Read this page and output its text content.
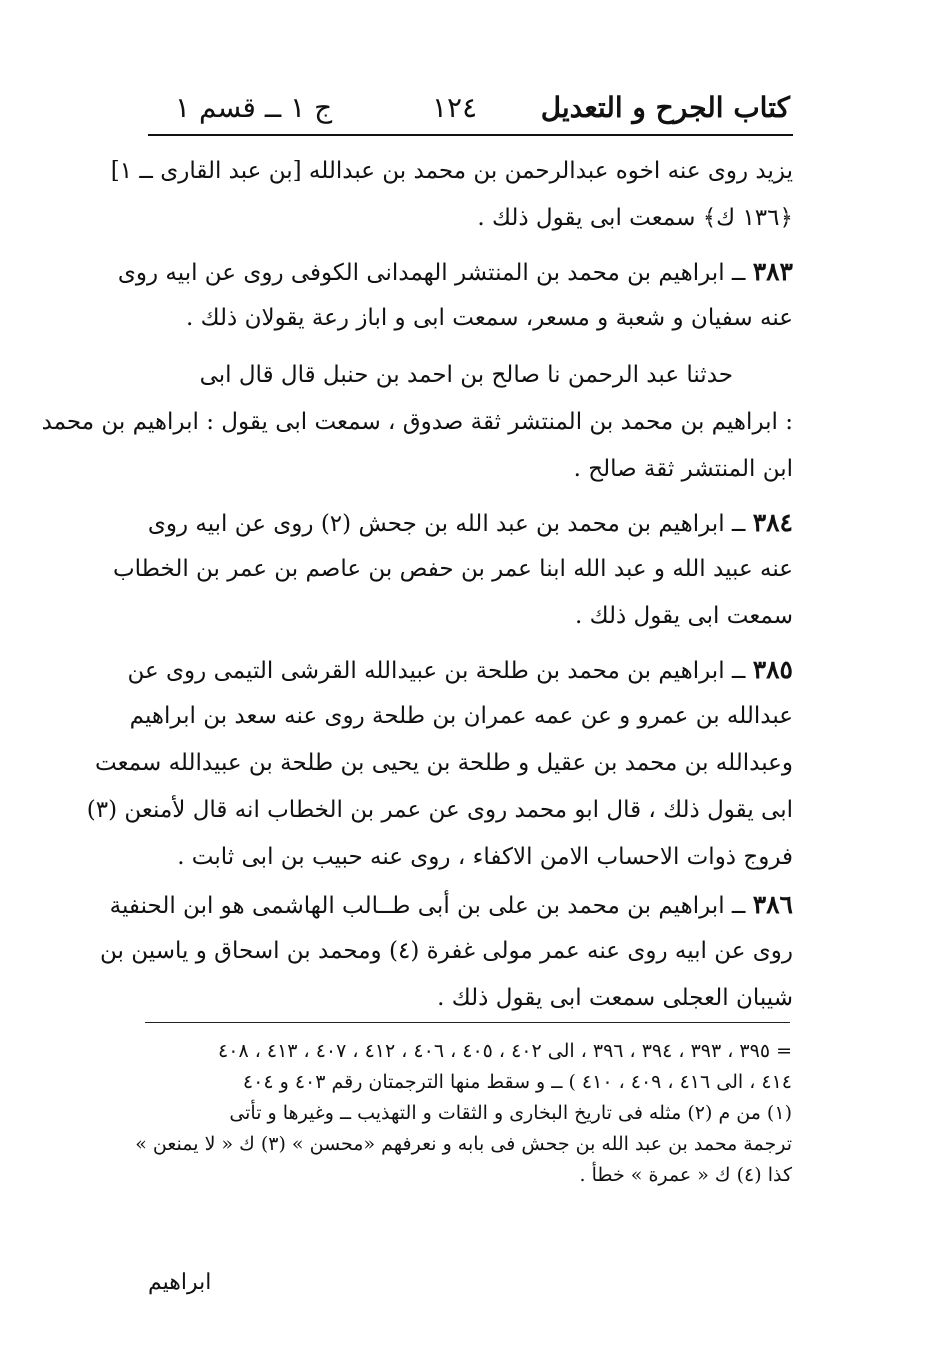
كتاب الجرح و التعديل
١٢٤
ج ١ ــ قسم ١
يزيد روى عنه اخوه عبدالرحمن بن محمد بن عبدالله [بن عبد القارى ــ ١]
﴿١٣٦ ك﴾ سمعت ابى يقول ذلك .
٣٨٣ ــ ابراهيم بن محمد بن المنتشر الهمدانى الكوفى روى عن ابيه روى
عنه سفيان و شعبة و مسعر، سمعت ابى و اباز رعة يقولان ذلك .
حدثنا عبد الرحمن نا صالح بن احمد بن حنبل قال قال ابى
: ابراهيم بن محمد بن المنتشر ثقة صدوق ، سمعت ابى يقول : ابراهيم بن محمد
ابن المنتشر ثقة صالح .
٣٨٤ ــ ابراهيم بن محمد بن عبد الله بن جحش (٢) روى عن ابيه روى
عنه عبيد الله و عبد الله ابنا عمر بن حفص بن عاصم بن عمر بن الخطاب
سمعت ابى يقول ذلك .
٣٨٥ ــ ابراهيم بن محمد بن طلحة بن عبيدالله القرشى التيمى روى عن
عبدالله بن عمرو و عن عمه عمران بن طلحة روى عنه سعد بن ابراهيم
وعبدالله بن محمد بن عقيل و طلحة بن يحيى بن طلحة بن عبيدالله سمعت
ابى يقول ذلك ، قال ابو محمد روى عن عمر بن الخطاب انه قال لأمنعن (٣)
فروج ذوات الاحساب الامن الاكفاء ، روى عنه حبيب بن ابى ثابت .
٣٨٦ ــ ابراهيم بن محمد بن على بن أبى طــالب الهاشمى هو ابن الحنفية
روى عن ابيه روى عنه عمر مولى غفرة (٤) ومحمد بن اسحاق و ياسين بن
شيبان العجلى سمعت ابى يقول ذلك .
= ٣٩٥ ، ٣٩٣ ، ٣٩٤ ، ٣٩٦ ، الى ٤٠٢ ، ٤٠٥ ، ٤٠٦ ، ٤١٢ ، ٤٠٧ ، ٤١٣ ، ٤٠٨
٤١٤ ، الى ٤١٦ ، ٤٠٩ ، ٤١٠ ) ــ و سقط منها الترجمتان رقم ٤٠٣ و ٤٠٤
(١) من م (٢) مثله فى تاريخ البخارى و الثقات و التهذيب ــ وغيرها و تأتى
ترجمة محمد بن عبد الله بن جحش فى بابه و نعرفهم «محسن » (٣) ك « لا يمنعن »
كذا (٤) ك « عمرة » خطأ .
ابراهيم
